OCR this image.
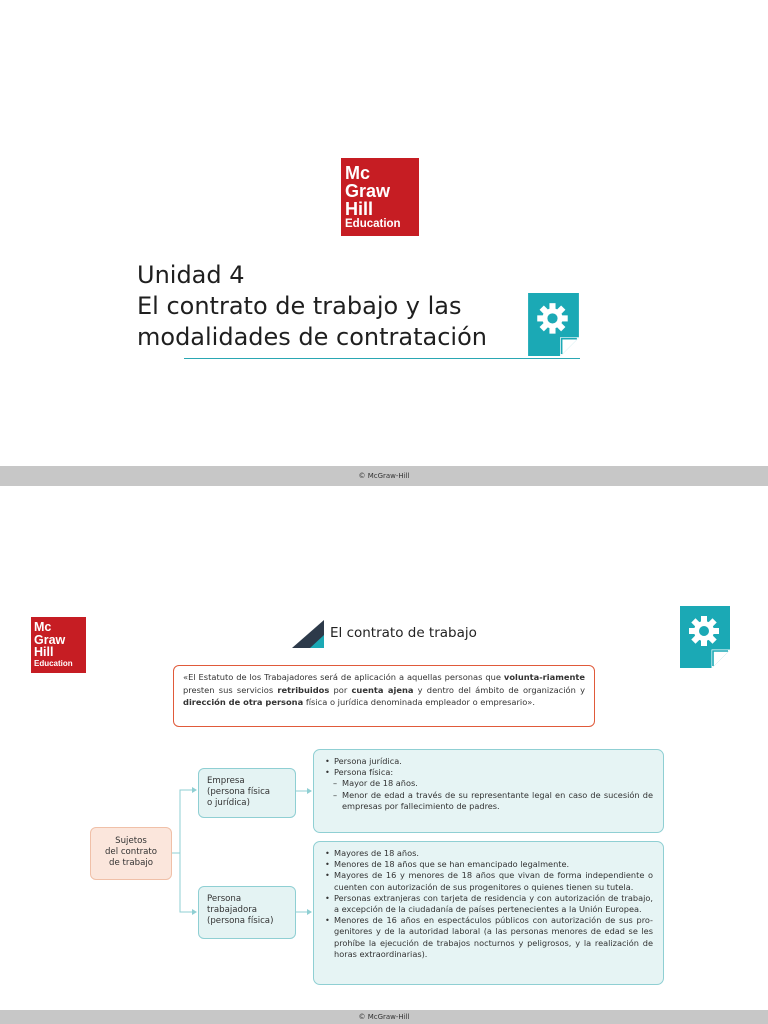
Mc
Graw
Hill
Education
Unidad 4
El contrato de trabajo y las
modalidades de contratación
© McGraw-Hill
Mc
Graw
Hill
Education
El contrato de trabajo
«El Estatuto de los Trabajadores será de aplicación a aquellas personas que volunta-riamente presten sus servicios retribuidos por cuenta ajena y dentro del ámbito de organización y dirección de otra persona física o jurídica denominada empleador o empresario».
Sujetos
del contrato
de trabajo
Empresa
(persona física
o jurídica)
Persona
trabajadora
(persona física)
• Persona jurídica.
• Persona física:
– Mayor de 18 años.
– Menor de edad a través de su representante legal en caso de sucesión de empresas por fallecimiento de padres.
• Mayores de 18 años.
• Menores de 18 años que se han emancipado legalmente.
• Mayores de 16 y menores de 18 años que vivan de forma independiente o cuenten con autorización de sus progenitores o quienes tienen su tutela.
• Personas extranjeras con tarjeta de residencia y con autorización de trabajo, a excepción de la ciudadanía de países pertenecientes a la Unión Europea.
• Menores de 16 años en espectáculos públicos con autorización de sus pro-genitores y de la autoridad laboral (a las personas menores de edad se les prohíbe la ejecución de trabajos nocturnos y peligrosos, y la realización de horas extraordinarias).
© McGraw-Hill
